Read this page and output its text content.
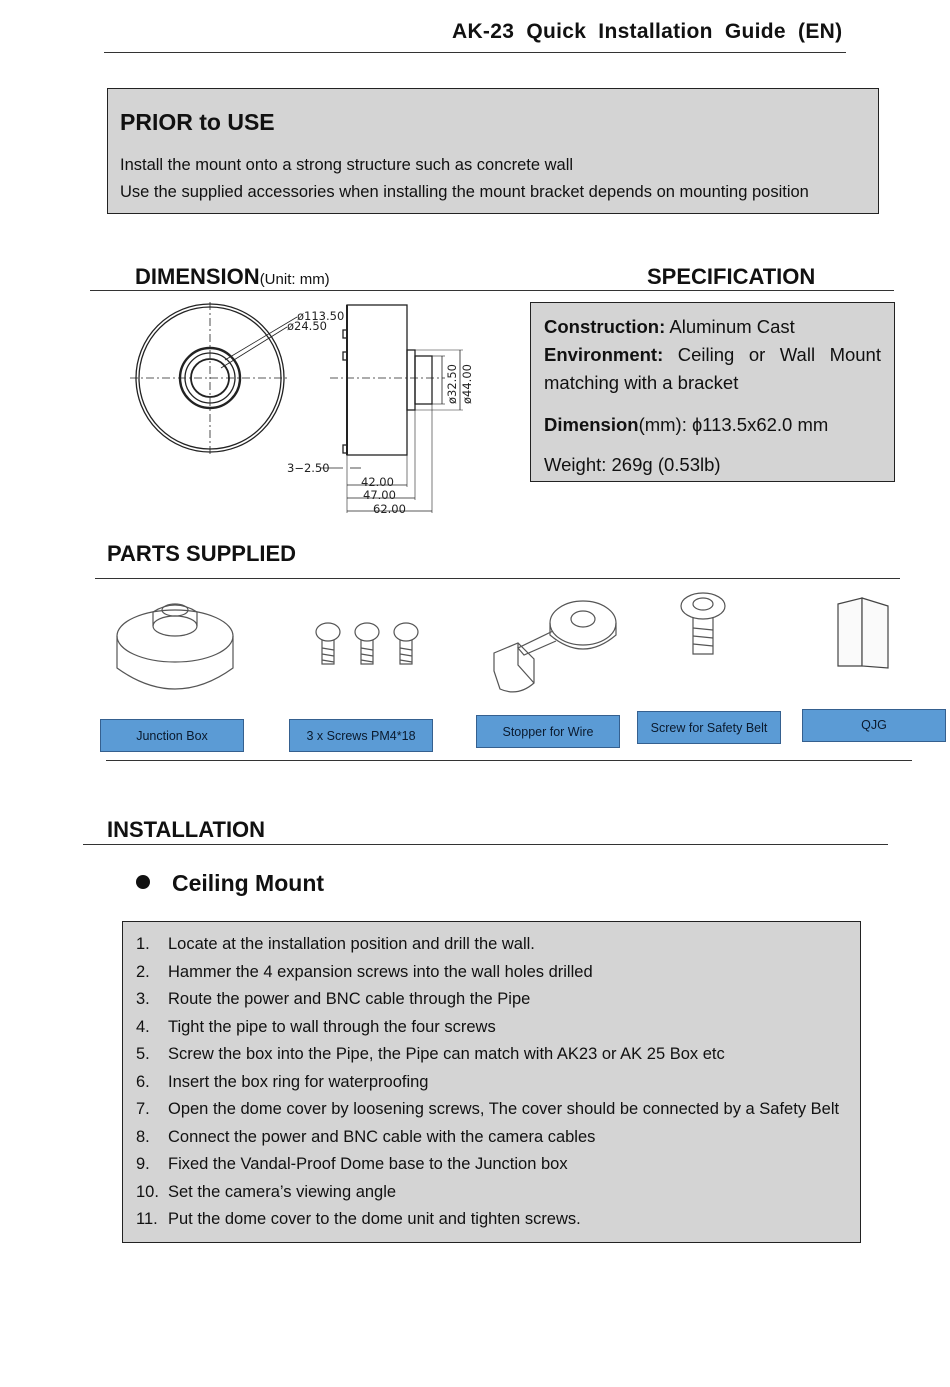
AK-23 Quick Installation Guide (EN)
PRIOR to USE
Install the mount onto a strong structure such as concrete wall
Use the supplied accessories when installing the mount bracket depends on mounting position
DIMENSION(Unit: mm)	SPECIFICATION
ø113.50
ø24.50
3−2.50
42.00
47.00
62.00
ø32.50 ø44.00
Construction: Aluminum Cast
Environment: Ceiling or Wall Mount matching with a bracket
Dimension(mm): ɸ113.5x62.0 mm
Weight: 269g (0.53lb)
PARTS SUPPLIED
Junction Box	3 x Screws PM4*18	Stopper for Wire	Screw for Safety Belt	QJG
INSTALLATION
Ceiling Mount
1. Locate at the installation position and drill the wall.
2. Hammer the 4 expansion screws into the wall holes drilled
3. Route the power and BNC cable through the Pipe
4. Tight the pipe to wall through the four screws
5. Screw the box into the Pipe, the Pipe can match with AK23 or AK 25 Box etc
6. Insert the box ring for waterproofing
7. Open the dome cover by loosening screws, The cover should be connected by a Safety Belt
8. Connect the power and BNC cable with the camera cables
9. Fixed the Vandal-Proof Dome base to the Junction box
10. Set the camera’s viewing angle
11. Put the dome cover to the dome unit and tighten screws.
